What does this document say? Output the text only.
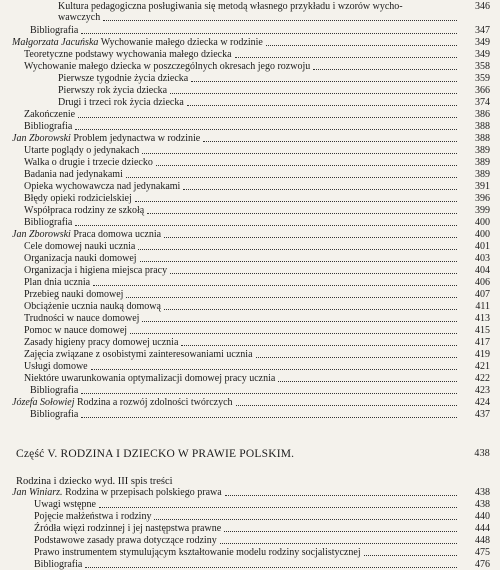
Kultura pedagogiczna posługiwania się metodą własnego przykładu i wzorów wycho-	346
wawczych
Bibliografia	347
Małgorzata Jacuńska Wychowanie małego dziecka w rodzinie	349
Teoretyczne podstawy wychowania małego dziecka	349
Wychowanie małego dziecka w poszczególnych okresach jego rozwoju	358
Pierwsze tygodnie życia dziecka	359
Pierwszy rok życia dziecka	366
Drugi i trzeci rok życia dziecka	374
Zakończenie	386
Bibliografia	388
Jan Zborowski Problem jedynactwa w rodzinie	388
Utarte poglądy o jedynakach	389
Walka o drugie i trzecie dziecko	389
Badania nad jedynakami	389
Opieka wychowawcza nad jedynakami	391
Błędy opieki rodzicielskiej	396
Współpraca rodziny ze szkołą	399
Bibliografia	400
Jan Zborowski Praca domowa ucznia	400
Cele domowej nauki ucznia	401
Organizacja nauki domowej	403
Organizacja i higiena miejsca pracy	404
Plan dnia ucznia	406
Przebieg nauki domowej	407
Obciążenie ucznia nauką domową	411
Trudności w nauce domowej	413
Pomoc w nauce domowej	415
Zasady higieny pracy domowej ucznia	417
Zajęcia związane z osobistymi zainteresowaniami ucznia	419
Usługi domowe	421
Niektóre uwarunkowania optymalizacji domowej pracy ucznia	422
Bibliografia	423
Józefa Sołowiej Rodzina a rozwój zdolności twórczych	424
Bibliografia	437
Część V. RODZINA I DZIECKO W PRAWIE POLSKIM.	438
Rodzina i dziecko wyd. III spis treści
Jan Winiarz. Rodzina w przepisach polskiego prawa	438
Uwagi wstępne	438
Pojęcie małżeństwa i rodziny	440
Źródła więzi rodzinnej i jej następstwa prawne	444
Podstawowe zasady prawa dotyczące rodziny	448
Prawo instrumentem stymulującym kształtowanie modelu rodziny socjalistycznej	475
Bibliografia	476
